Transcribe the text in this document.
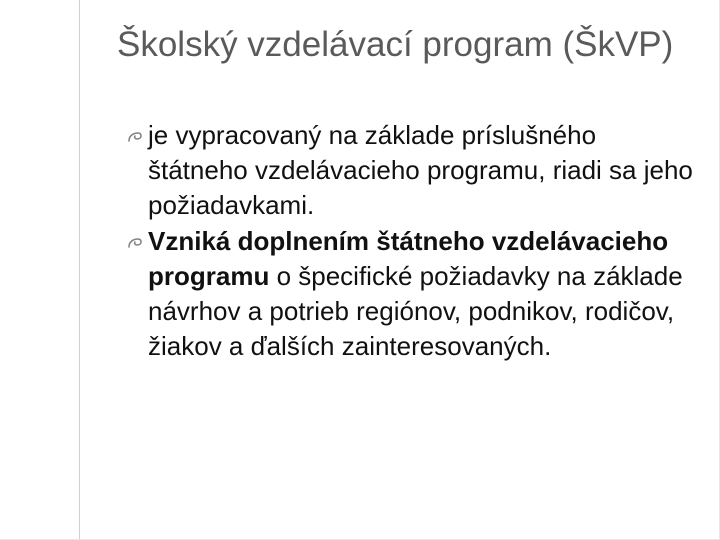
Školský vzdelávací program (ŠkVP)
je vypracovaný na základe príslušného štátneho vzdelávacieho programu, riadi sa jeho požiadavkami.
Vzniká doplnením štátneho vzdelávacieho programu o špecifické požiadavky na základe návrhov a potrieb regiónov, podnikov, rodičov, žiakov a ďalších zainteresovaných.
